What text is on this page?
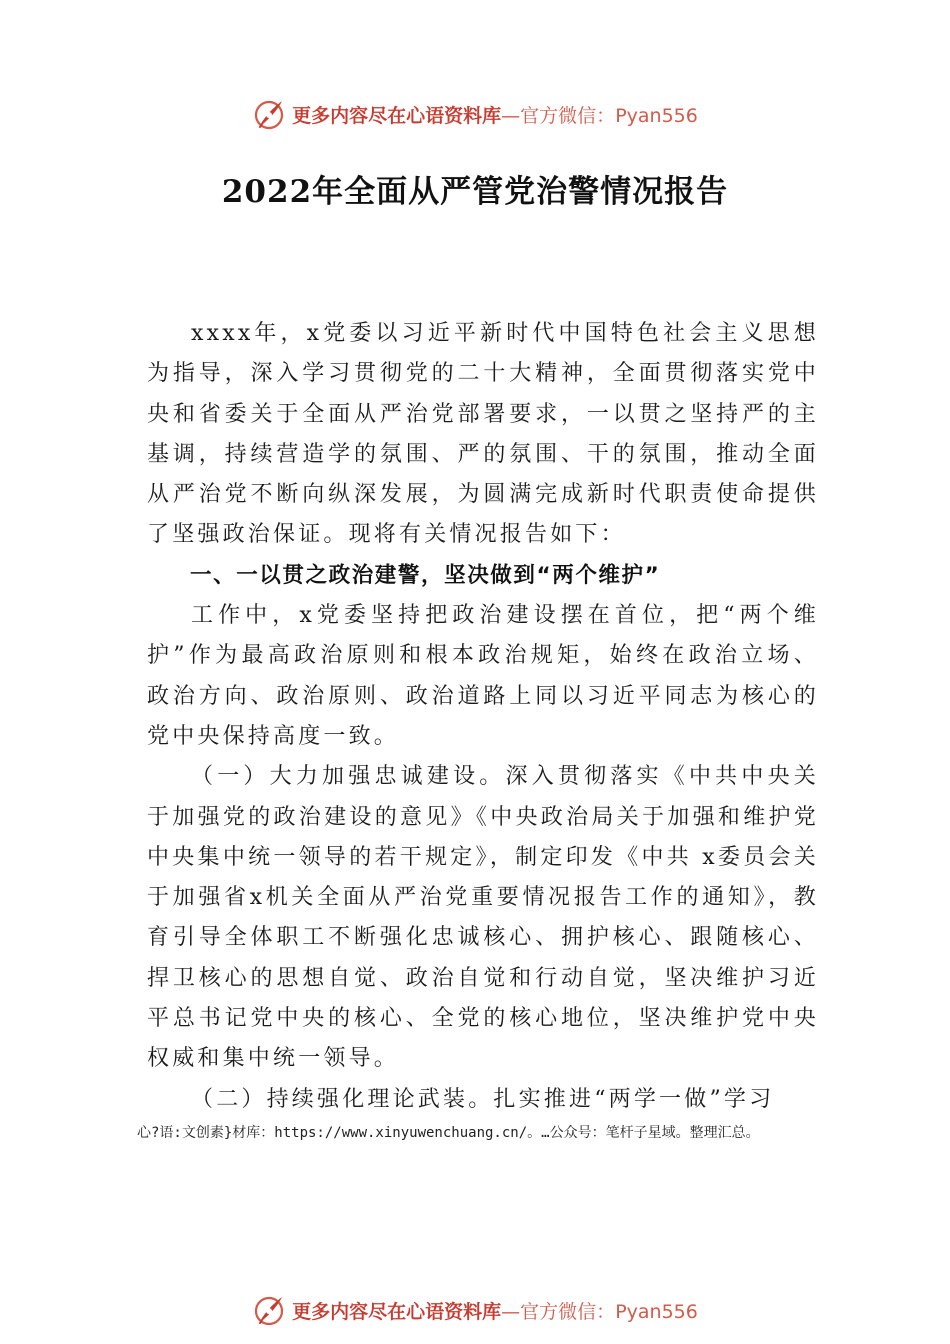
更多内容尽在心语资料库—官方微信：Pyan556
2022年全面从严管党治警情况报告

xxxx年，x党委以习近平新时代中国特色社会主义思想为指导，深入学习贯彻党的二十大精神，全面贯彻落实党中央和省委关于全面从严治党部署要求，一以贯之坚持严的主基调，持续营造学的氛围、严的氛围、干的氛围，推动全面从严治党不断向纵深发展，为圆满完成新时代职责使命提供了坚强政治保证。现将有关情况报告如下：

一、一以贯之政治建警，坚决做到“两个维护”

工作中，x党委坚持把政治建设摆在首位，把“两个维护”作为最高政治原则和根本政治规矩，始终在政治立场、 政治方向、政治原则、政治道路上同以习近平同志为核心的党中央保持高度一致。

（一）大力加强忠诚建设。深入贯彻落实《中共中央关于加强党的政治建设的意见》《中央政治局关于加强和维护党中央集中统一领导的若干规定》，制定印发《中共 x委员会关于加强省x机关全面从严治党重要情况报告工作的通知》，教育引导全体职工不断强化忠诚核心、拥护核心、跟随核心、捍卫核心的思想自觉、政治自觉和行动自觉，坚决维护习近平总书记党中央的核心、全党的核心地位，坚决维护党中央权威和集中统一领导。

（二）持续强化理论武装。扎实推进“两学一做”学习

心?语:文创素}材库：https://www.xinyuwenchuang.cn/。…公众号：笔杆子星域。整理汇总。
更多内容尽在心语资料库—官方微信：Pyan556
